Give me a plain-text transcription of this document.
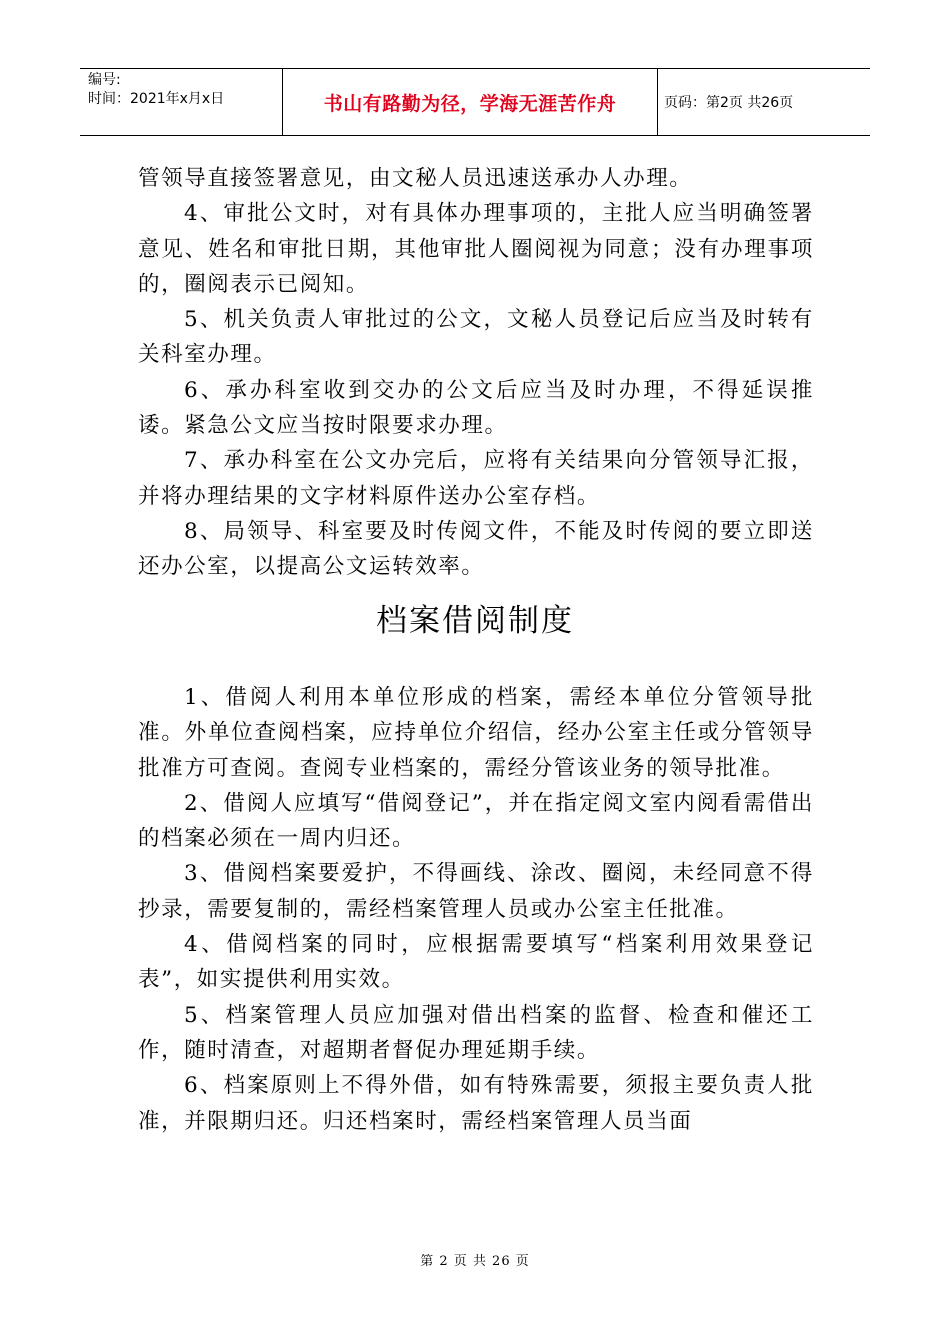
编号:
时间：2021年x月x日	书山有路勤为径，学海无涯苦作舟	页码：第2页 共26页

管领导直接签署意见，由文秘人员迅速送承办人办理。

4、审批公文时，对有具体办理事项的，主批人应当明确签署意见、姓名和审批日期，其他审批人圈阅视为同意；没有办理事项的，圈阅表示已阅知。

5、机关负责人审批过的公文，文秘人员登记后应当及时转有关科室办理。

6、承办科室收到交办的公文后应当及时办理，不得延误推诿。紧急公文应当按时限要求办理。

7、承办科室在公文办完后，应将有关结果向分管领导汇报，并将办理结果的文字材料原件送办公室存档。

8、局领导、科室要及时传阅文件，不能及时传阅的要立即送还办公室，以提高公文运转效率。

档案借阅制度

1、借阅人利用本单位形成的档案，需经本单位分管领导批准。外单位查阅档案，应持单位介绍信，经办公室主任或分管领导批准方可查阅。查阅专业档案的，需经分管该业务的领导批准。

2、借阅人应填写“借阅登记”，并在指定阅文室内阅看需借出的档案必须在一周内归还。

3、借阅档案要爱护，不得画线、涂改、圈阅，未经同意不得抄录，需要复制的，需经档案管理人员或办公室主任批准。

4、借阅档案的同时，应根据需要填写“档案利用效果登记表”，如实提供利用实效。

5、档案管理人员应加强对借出档案的监督、检查和催还工作，随时清查，对超期者督促办理延期手续。

6、档案原则上不得外借，如有特殊需要，须报主要负责人批准，并限期归还。归还档案时，需经档案管理人员当面

第 2 页 共 26 页
